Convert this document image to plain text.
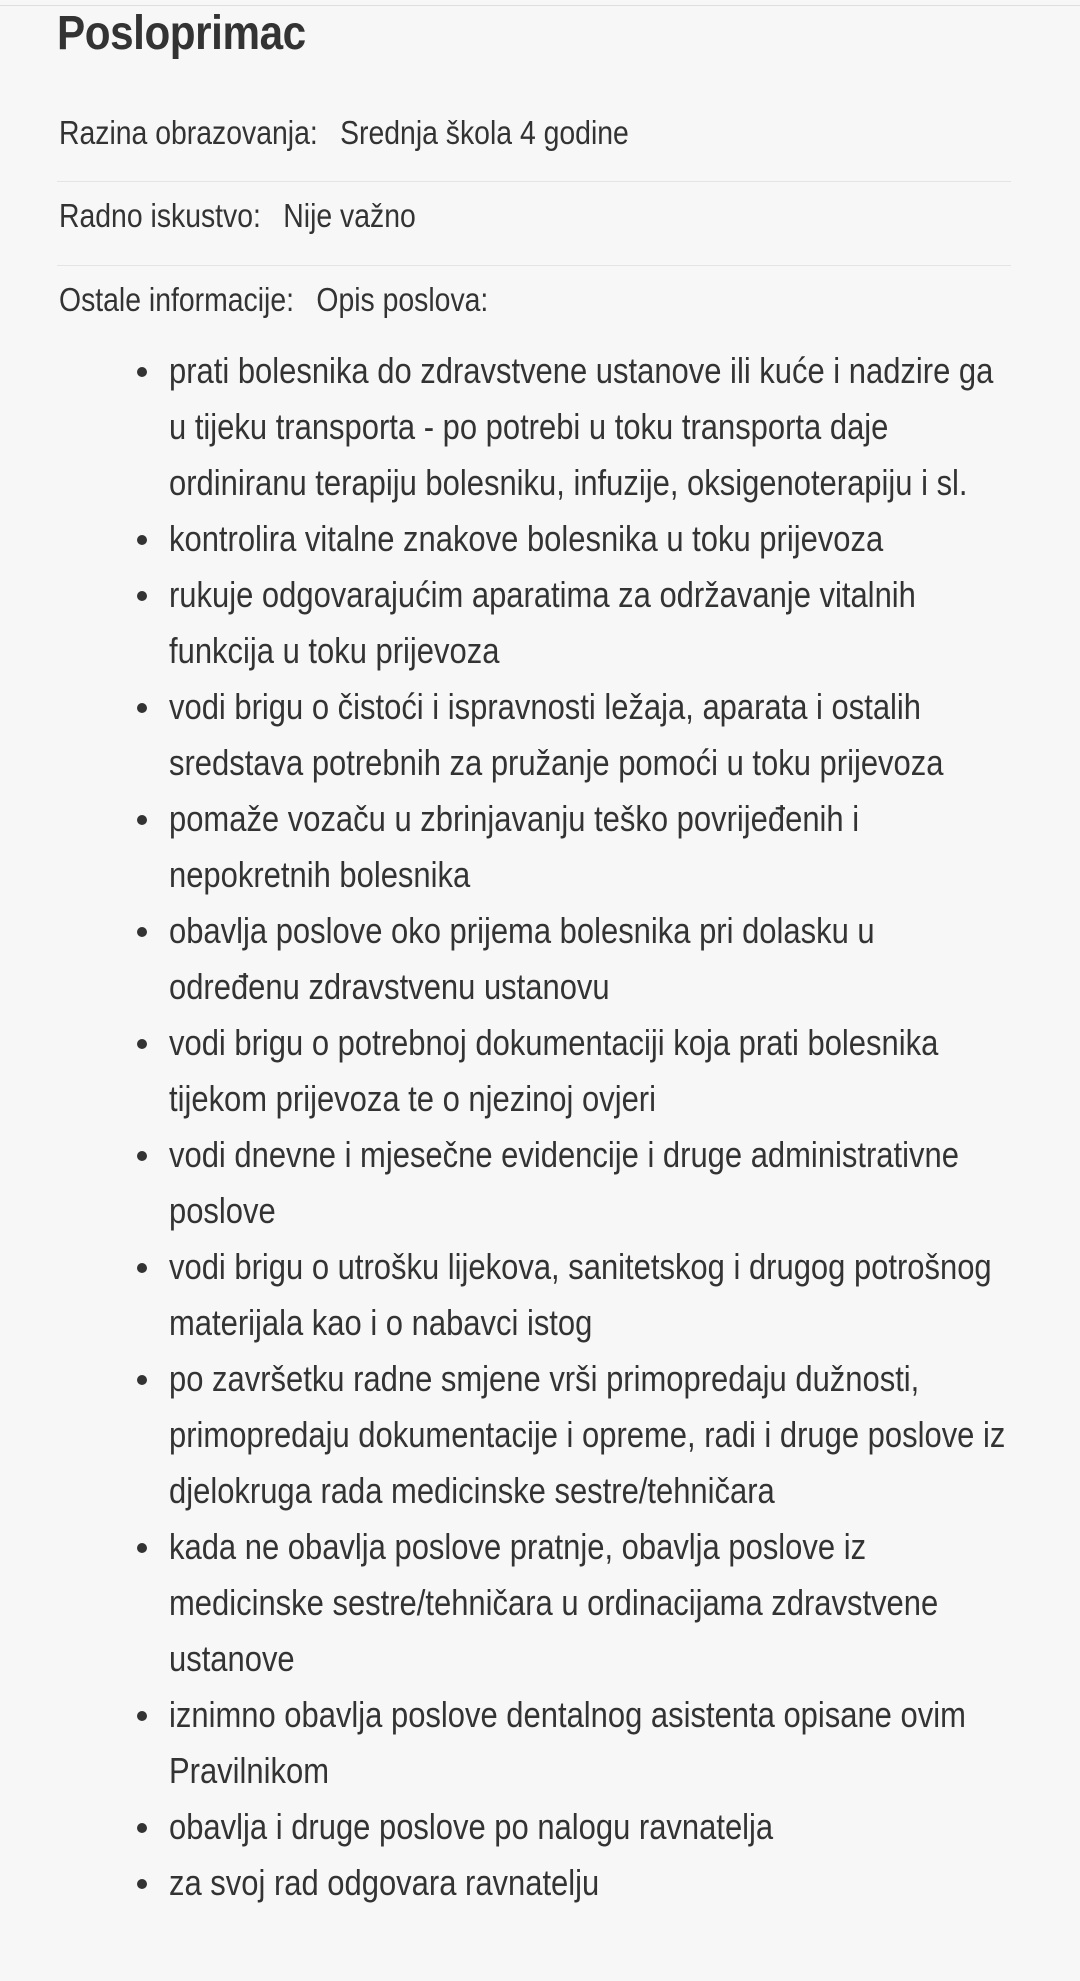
Posloprimac
Razina obrazovanja: Srednja škola 4 godine
Radno iskustvo: Nije važno
Ostale informacije: Opis poslova:
prati bolesnika do zdravstvene ustanove ili kuće i nadzire ga u tijeku transporta - po potrebi u toku transporta daje ordiniranu terapiju bolesniku, infuzije, oksigenoterapiju i sl.
kontrolira vitalne znakove bolesnika u toku prijevoza
rukuje odgovarajućim aparatima za održavanje vitalnih funkcija u toku prijevoza
vodi brigu o čistoći i ispravnosti ležaja, aparata i ostalih sredstava potrebnih za pružanje pomoći u toku prijevoza
pomaže vozaču u zbrinjavanju teško povrijeđenih i nepokretnih bolesnika
obavlja poslove oko prijema bolesnika pri dolasku u određenu zdravstvenu ustanovu
vodi brigu o potrebnoj dokumentaciji koja prati bolesnika tijekom prijevoza te o njezinoj ovjeri
vodi dnevne i mjesečne evidencije i druge administrativne poslove
vodi brigu o utrošku lijekova, sanitetskog i drugog potrošnog materijala kao i o nabavci istog
po završetku radne smjene vrši primopredaju dužnosti, primopredaju dokumentacije i opreme, radi i druge poslove iz djelokruga rada medicinske sestre/tehničara
kada ne obavlja poslove pratnje, obavlja poslove iz medicinske sestre/tehničara u ordinacijama zdravstvene ustanove
iznimno obavlja poslove dentalnog asistenta opisane ovim Pravilnikom
obavlja i druge poslove po nalogu ravnatelja
za svoj rad odgovara ravnatelju
